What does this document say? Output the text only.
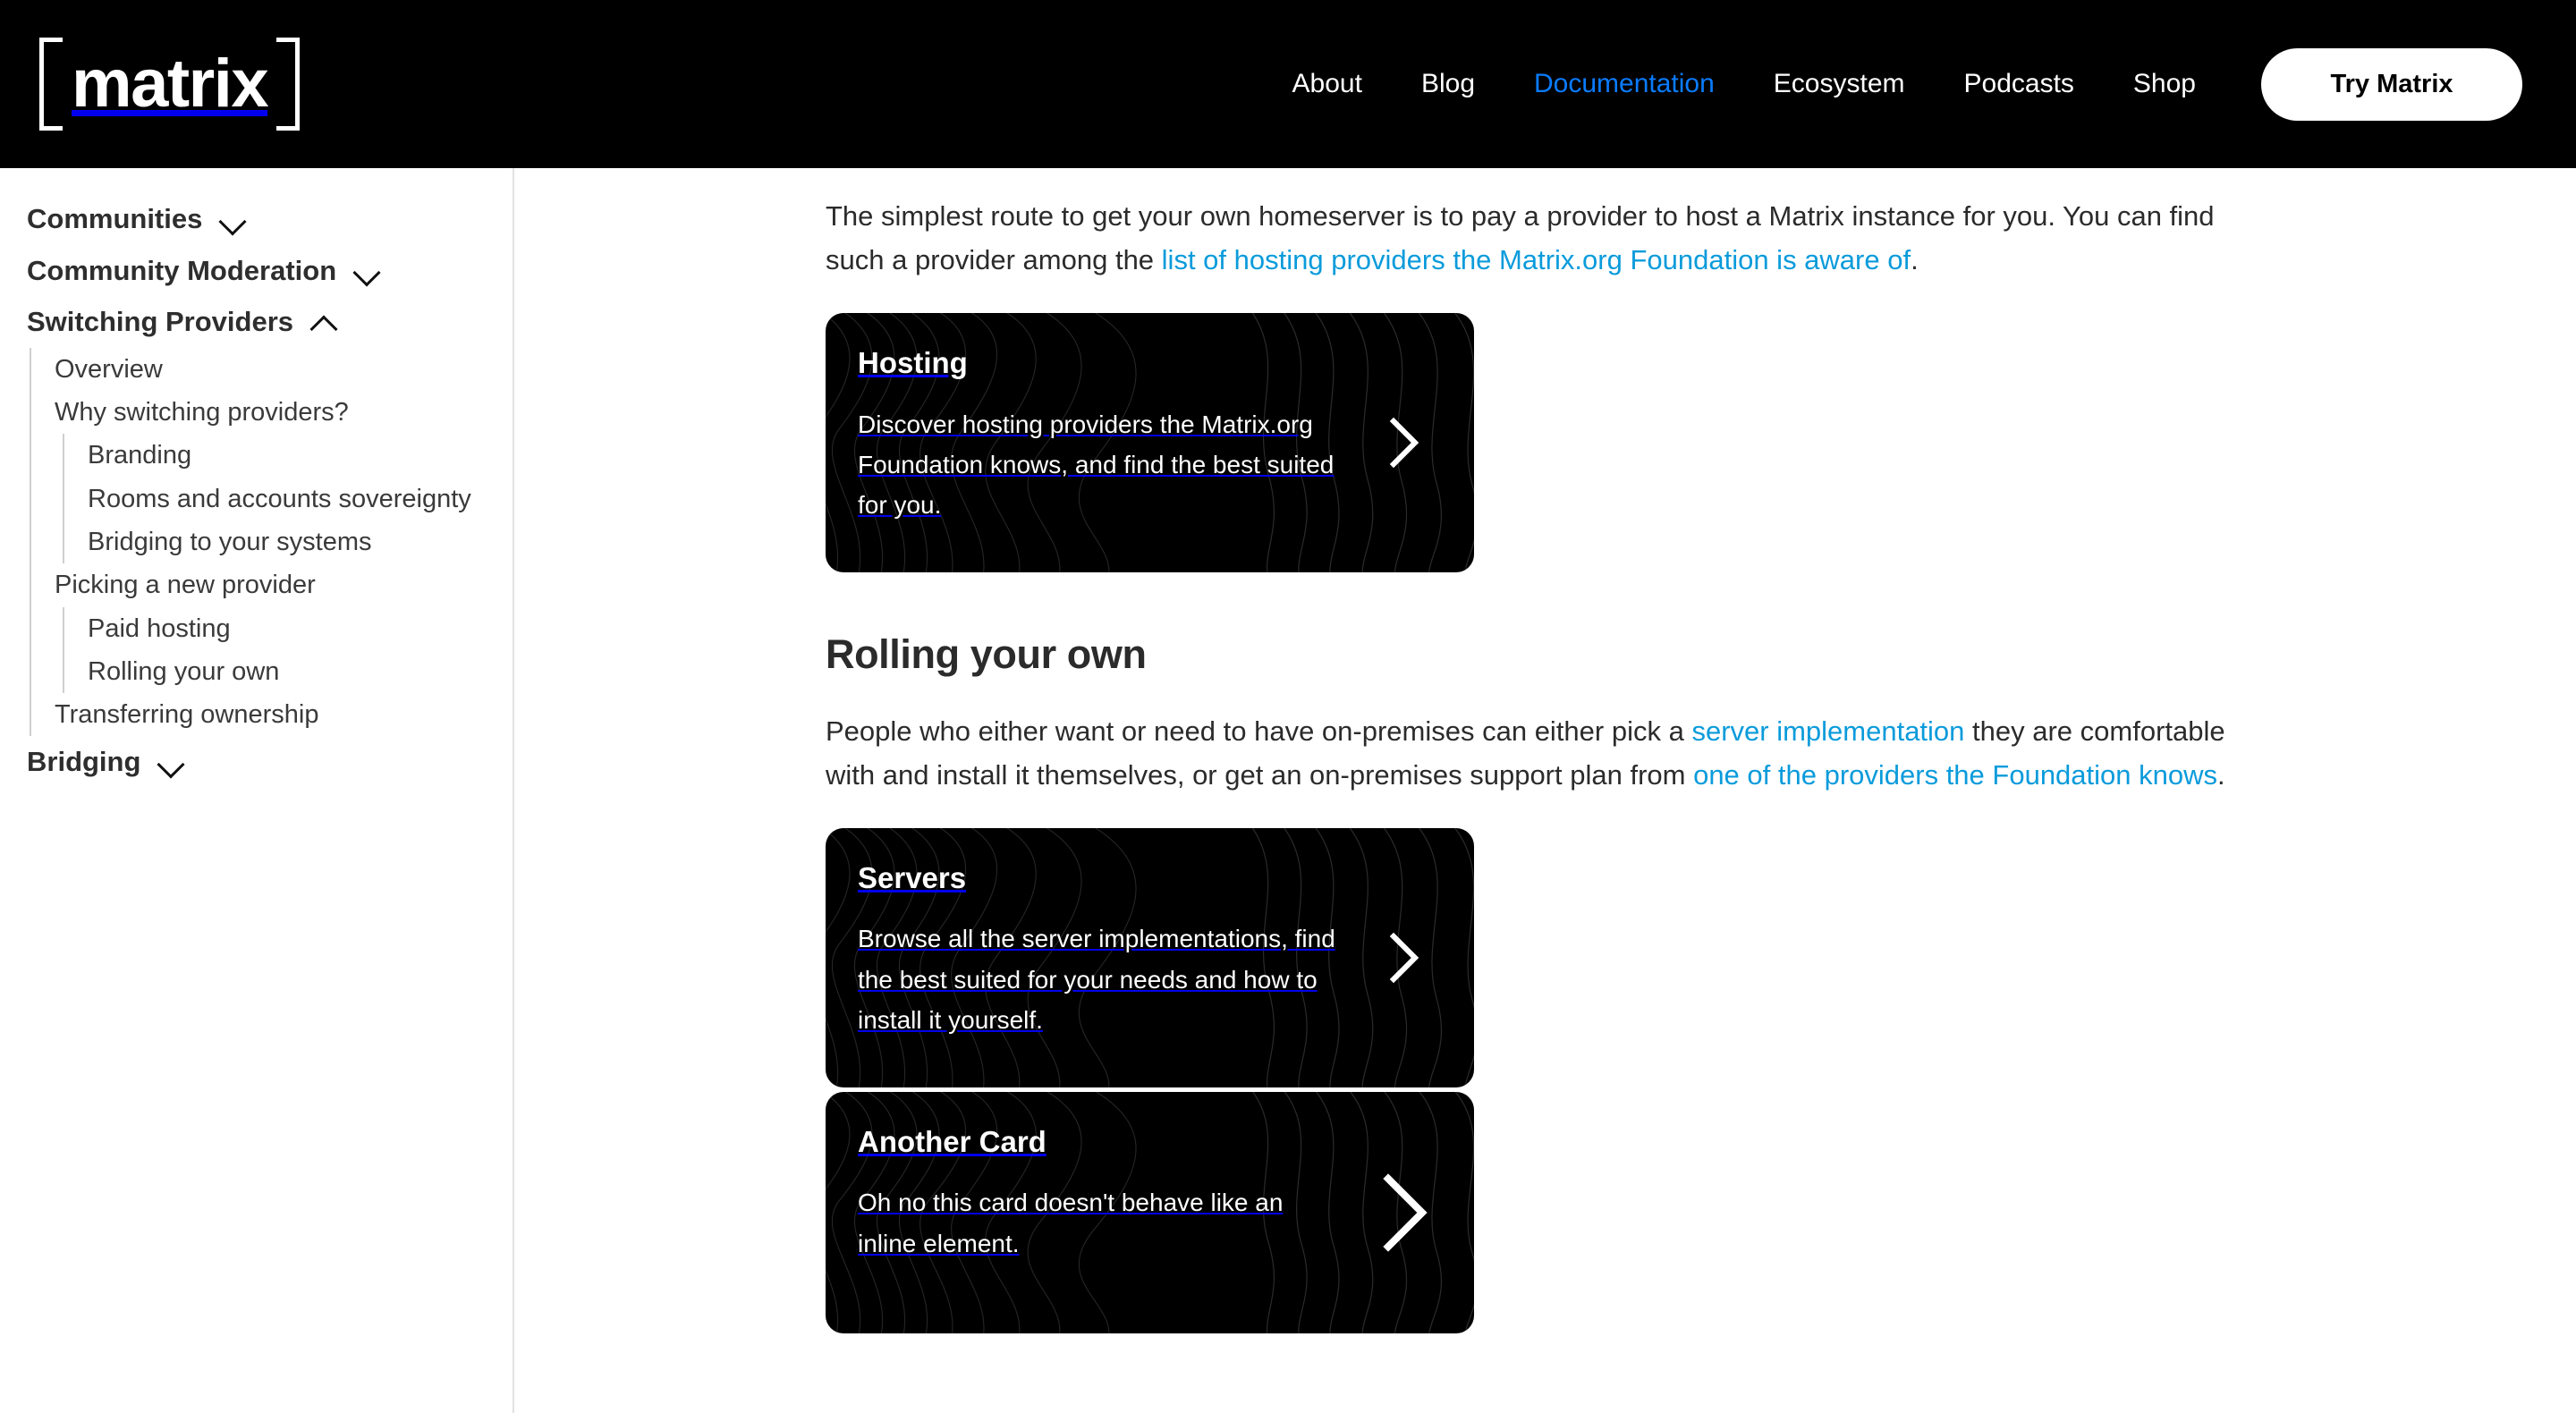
matrix	About	Blog	Documentation	Ecosystem	Podcasts	Shop	Try Matrix
Communities
Community Moderation
Switching Providers
Overview
Why switching providers?
Branding
Rooms and accounts sovereignty
Bridging to your systems
Picking a new provider
Paid hosting
Rolling your own
Transferring ownership
Bridging

The simplest route to get your own homeserver is to pay a provider to host a Matrix instance for you. You can find such a provider among the list of hosting providers the Matrix.org Foundation is aware of.

Hosting
Discover hosting providers the Matrix.org Foundation knows, and find the best suited for you.
Rolling your own

People who either want or need to have on-premises can either pick a server implementation they are comfortable with and install it themselves, or get an on-premises support plan from one of the providers the Foundation knows.

Servers
Browse all the server implementations, find the best suited for your needs and how to install it yourself.
Another Card
Oh no this card doesn't behave like an inline element.
